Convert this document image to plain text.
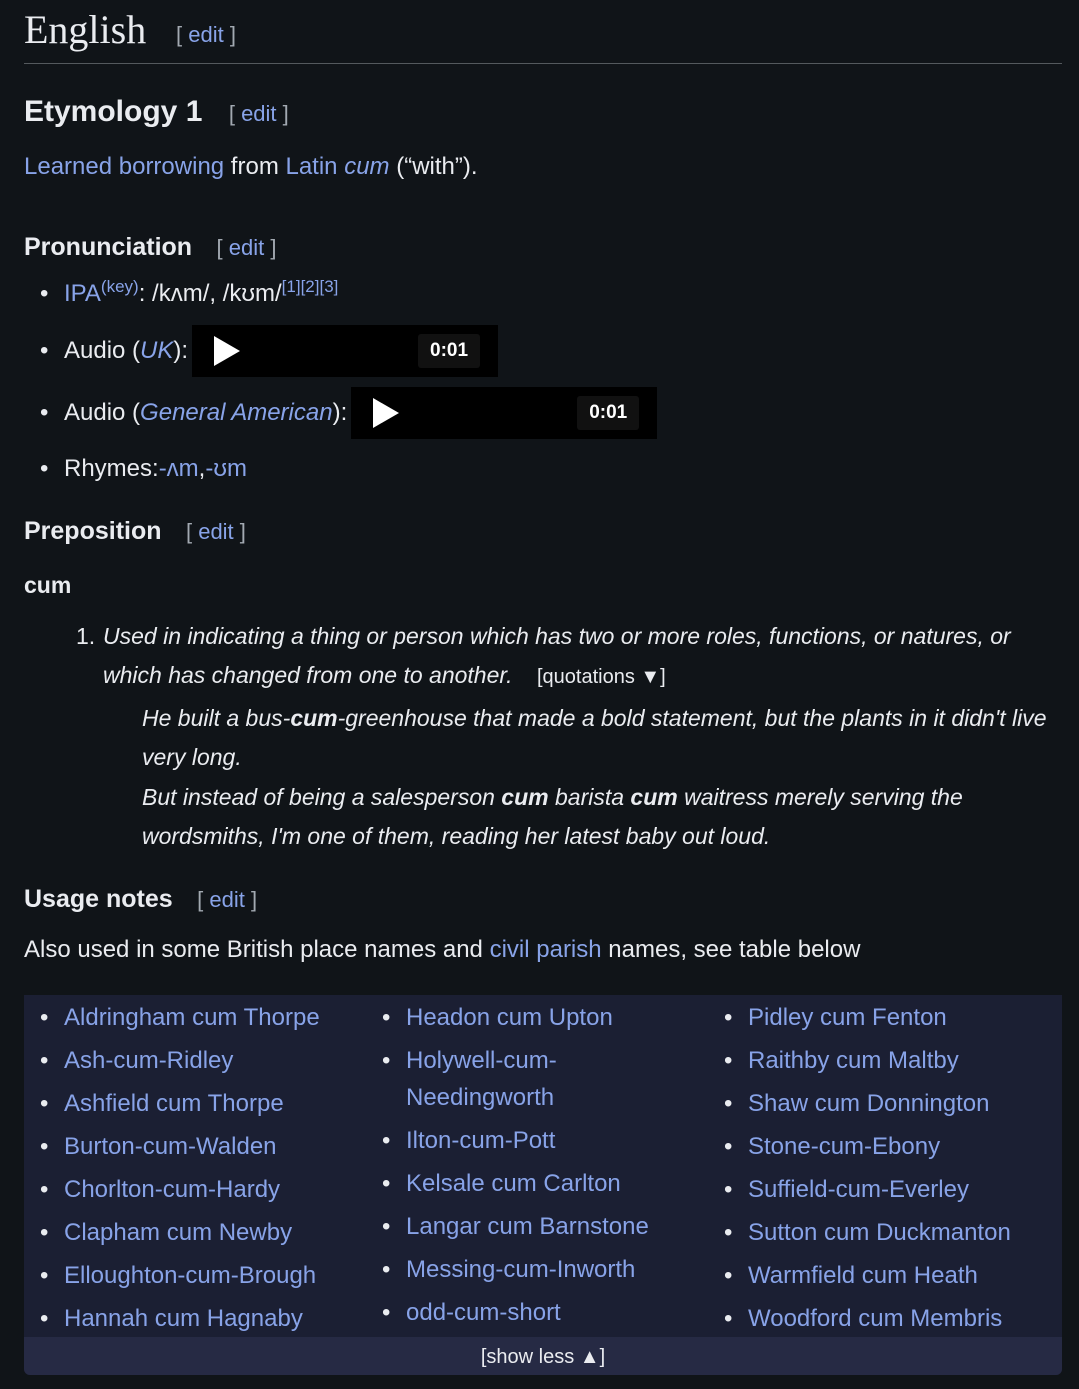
English [ edit ]
Etymology 1 [ edit ]
Learned borrowing from Latin cum (“with”).
Pronunciation [ edit ]
• IPA$^{(key)}$: /kʌm/, /kʊm/[1][2][3]
• Audio ( UK ):	0:01
• Audio ( General American ):	0:01
• Rhymes: -ʌm , -ʊm
Preposition [ edit ]
cum
1. Used in indicating a thing or person which has two or more roles, functions, or natures, or which has changed from one to another. [quotations ▼]
He built a bus-cum-greenhouse that made a bold statement, but the plants in it didn't live very long.
But instead of being a salesperson cum barista cum waitress merely serving the wordsmiths, I'm one of them, reading her latest baby out loud.
Usage notes [ edit ]
Also used in some British place names and civil parish names, see table below
• Aldringham cum Thorpe
• Ash-cum-Ridley
• Ashfield cum Thorpe
• Burton-cum-Walden
• Chorlton-cum-Hardy
• Clapham cum Newby
• Elloughton-cum-Brough
• Hannah cum Hagnaby
• Headon cum Upton
• Holywell-cum-
Needingworth
• Ilton-cum-Pott
• Kelsale cum Carlton
• Langar cum Barnstone
• Messing-cum-Inworth
• odd-cum-short
• Pidley cum Fenton
• Raithby cum Maltby
• Shaw cum Donnington
• Stone-cum-Ebony
• Suffield-cum-Everley
• Sutton cum Duckmanton
• Warmfield cum Heath
• Woodford cum Membris
[show less ▲]
